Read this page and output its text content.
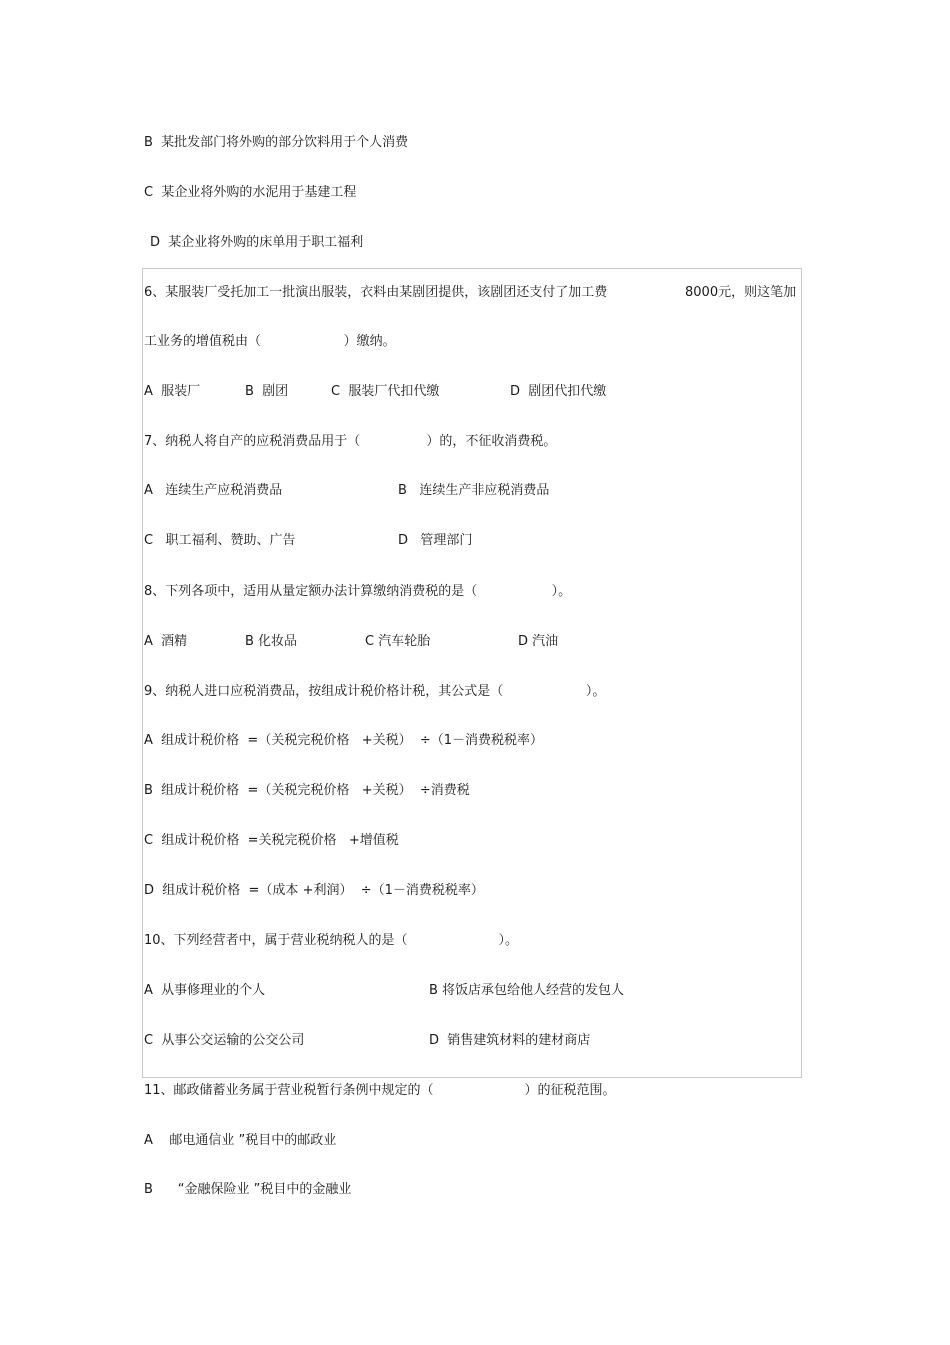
B  某批发部门将外购的部分饮料用于个人消费
C  某企业将外购的水泥用于基建工程
D  某企业将外购的床单用于职工福利
6、某服装厂受托加工一批演出服装，衣料由某剧团提供，该剧团还支付了加工费	8000元，则这笔加
工业务的增值税由（                    ）缴纳。
A  服装厂	B  剧团	C  服装厂代扣代缴	D  剧团代扣代缴
7、纳税人将自产的应税消费品用于（                ）的，不征收消费税。
A   连续生产应税消费品	B   连续生产非应税消费品
C   职工福利、赞助、广告	D   管理部门
8、下列各项中，适用从量定额办法计算缴纳消费税的是（                  ）。
A  酒精	B 化妆品	C 汽车轮胎	D 汽油
9、纳税人进口应税消费品，按组成计税价格计税，其公式是（                    ）。
A  组成计税价格  =（关税完税价格   +关税）  ÷（1－消费税税率）
B  组成计税价格  =（关税完税价格   +关税）  ÷消费税
C  组成计税价格  =关税完税价格   +增值税
D  组成计税价格  =（成本 +利润）  ÷（1－消费税税率）
10、下列经营者中，属于营业税纳税人的是（                      ）。
A  从事修理业的个人	B 将饭店承包给他人经营的发包人
C  从事公交运输的公交公司	D  销售建筑材料的建材商店
11、邮政储蓄业务属于营业税暂行条例中规定的（                      ）的征税范围。
A    邮电通信业 ”税目中的邮政业
B      “金融保险业 ”税目中的金融业
